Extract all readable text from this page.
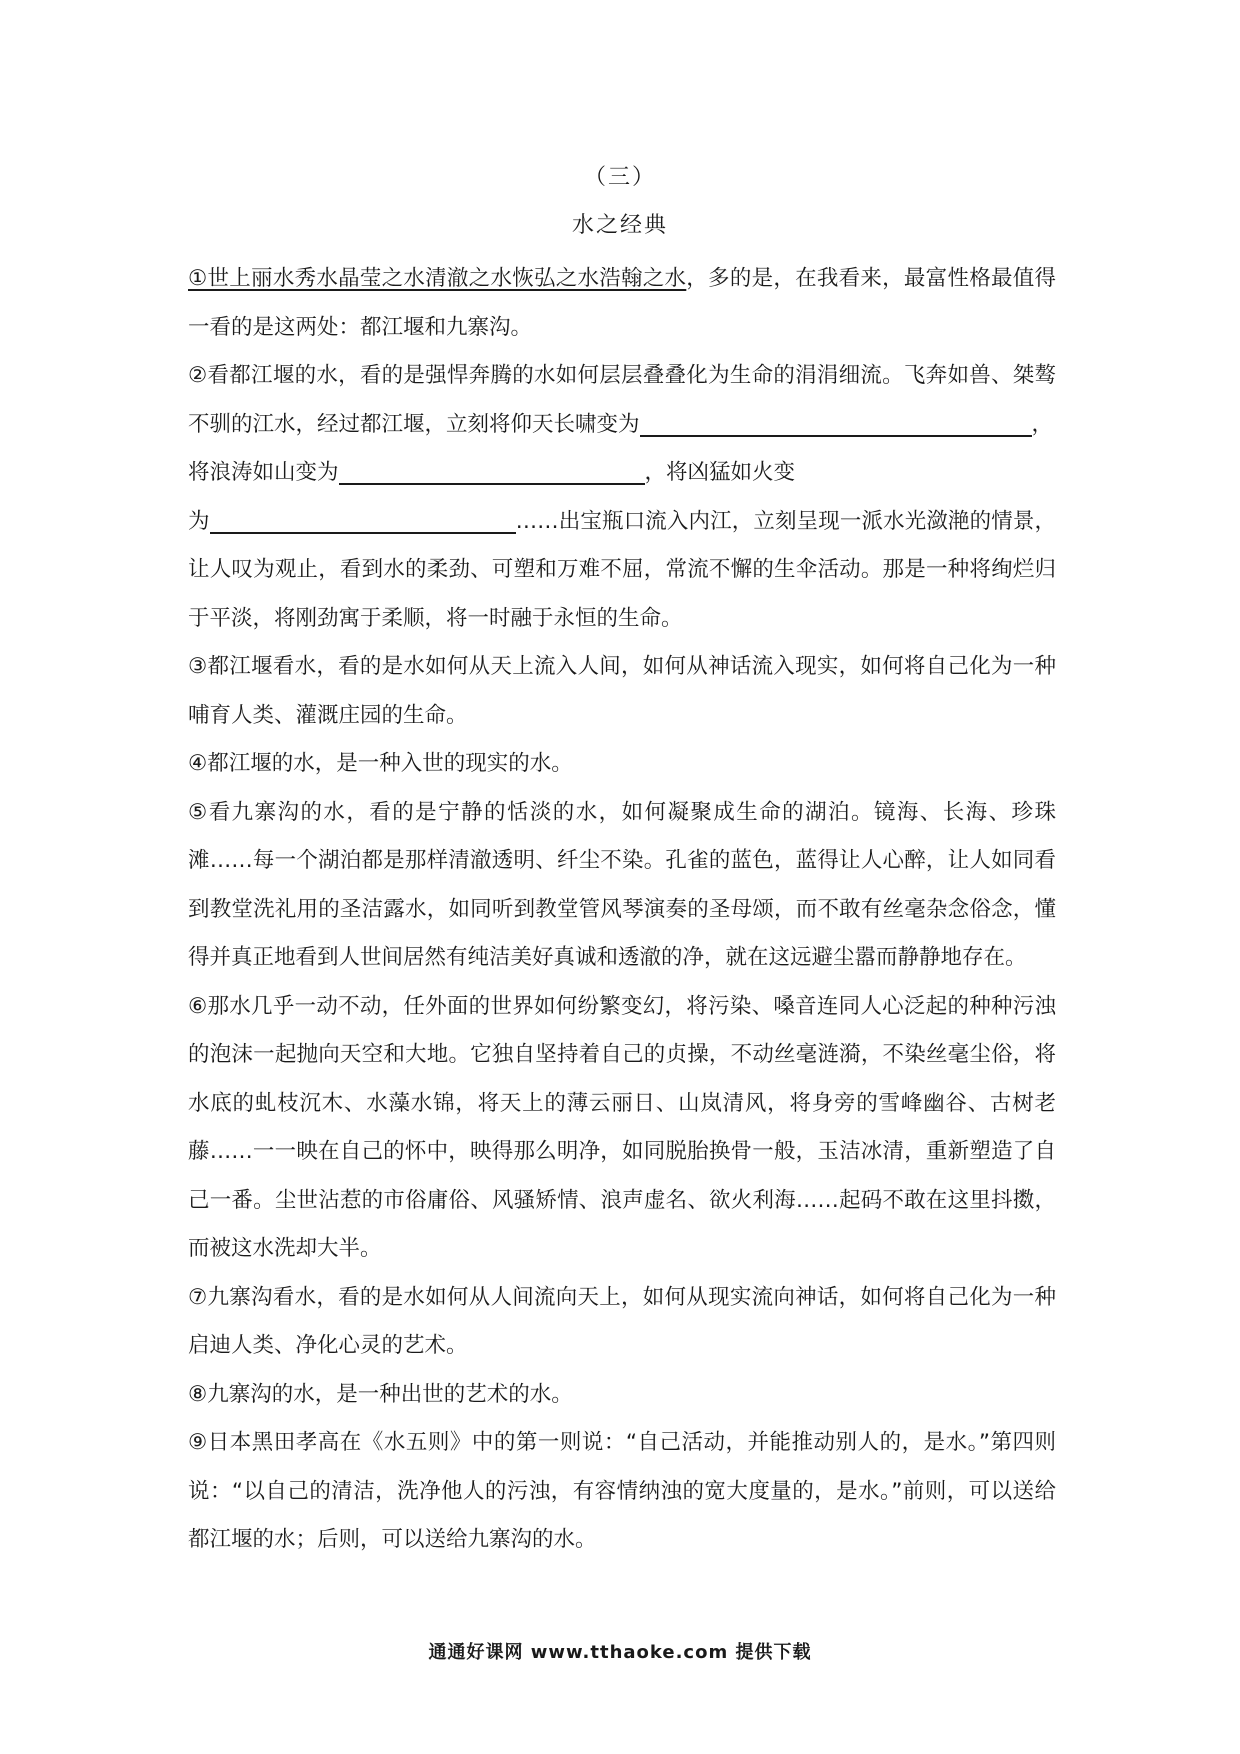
（三）
水之经典

①世上丽水秀水晶莹之水清澈之水恢弘之水浩翰之水，多的是，在我看来，最富性格最值得一看的是这两处：都江堰和九寨沟。

②看都江堰的水，看的是强悍奔腾的水如何层层叠叠化为生命的涓涓细流。飞奔如兽、桀骜不驯的江水，经过都江堰，立刻将仰天长啸变为	，
将浪涛如山变为	，将凶猛如火变
为	……出宝瓶口流入内江，立刻呈现一派水光潋滟的情景，让人叹为观止，看到水的柔劲、可塑和万难不屈，常流不懈的生伞活动。那是一种将绚烂归于平淡，将刚劲寓于柔顺，将一时融于永恒的生命。

③都江堰看水，看的是水如何从天上流入人间，如何从神话流入现实，如何将自己化为一种哺育人类、灌溉庄园的生命。

④都江堰的水，是一种入世的现实的水。

⑤看九寨沟的水，看的是宁静的恬淡的水，如何凝聚成生命的湖泊。镜海、长海、珍珠滩……每一个湖泊都是那样清澈透明、纤尘不染。孔雀的蓝色，蓝得让人心醉，让人如同看到教堂洗礼用的圣洁露水，如同听到教堂管风琴演奏的圣母颂，而不敢有丝毫杂念俗念，懂得并真正地看到人世间居然有纯洁美好真诚和透澈的净，就在这远避尘嚣而静静地存在。

⑥那水几乎一动不动，任外面的世界如何纷繁变幻，将污染、嗓音连同人心泛起的种种污浊的泡沫一起抛向天空和大地。它独自坚持着自己的贞操，不动丝毫涟漪，不染丝毫尘俗，将水底的虬枝沉木、水藻水锦，将天上的薄云丽日、山岚清风，将身旁的雪峰幽谷、古树老藤……一一映在自己的怀中，映得那么明净，如同脱胎换骨一般，玉洁冰清，重新塑造了自己一番。尘世沾惹的市俗庸俗、风骚矫情、浪声虚名、欲火利海……起码不敢在这里抖擞，而被这水洗却大半。

⑦九寨沟看水，看的是水如何从人间流向天上，如何从现实流向神话，如何将自己化为一种启迪人类、净化心灵的艺术。

⑧九寨沟的水，是一种出世的艺术的水。

⑨日本黑田孝高在《水五则》中的第一则说：“自己活动，并能推动别人的，是水。”第四则说：“以自己的清洁，洗净他人的污浊，有容情纳浊的宽大度量的，是水。”前则，可以送给都江堰的水；后则，可以送给九寨沟的水。

通通好课网 www.tthaoke.com 提供下载
